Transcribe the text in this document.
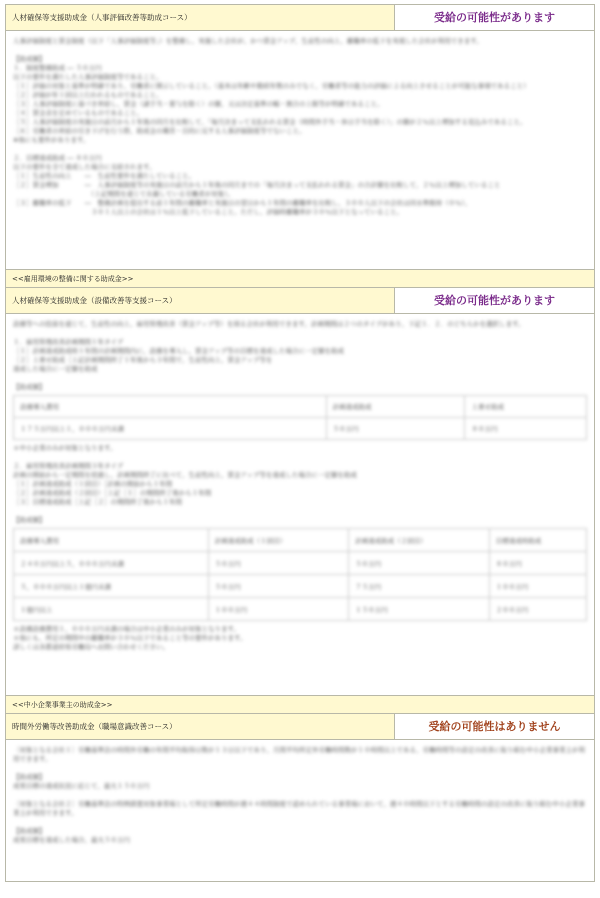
人材確保等支援助成金（人事評価改善等助成コース）	受給の可能性があります

人事評価制度と賃金制度（以下「人事評価制度等」）を整備し、実施した会社が、かつ賃金アップ、生産性の向上、離職率の低下を実現した会社が利用できます。

【助成額】

１．制度整備助成 ― ５０万円

以下の要件を満たした人事評価制度等であること。

［１］評価の対象と基準が明確であり、労働者に開示していること。（基本は年齢や勤続年数のみでなく、労働者等の能力の評価による向上させることが可能な事項であること）

［２］評価が年１回以上行われるものであること。

［３］人事評価制度に基づき昇給し、賃金（諸手当・賞与を除く）の額、又は決定基準の幅・割合の上限等が明確であること。

［４］賃金表を定めているものであること。

［５］人事評価制度の実施日の前月から１年後の同月を比較して、「毎月決まって支払われる賃金（時間外手当・休日手当を除く）」の額が２％以上増加する見込みであること。

［６］労働者の昇給の引き下げを行う際、助成金の趣旨・目的に反する人事評価制度等でないこと。

※他にも要件があります。

２．目標達成助成 ― ８０万円

以下の要件を全て達成した場合に支給されます。

［１］生産性の向上　　―　生産性要件を満たしていること。

［２］賃金増加　　　　―　人事評価制度等の実施日の前月から１年後の同月までの「毎月決まって支払われる賃金」の合計額を比較して、２％以上増加していること

　　　　　　　　　　　　（上記期間を通じて在籍している労働者が対象）。

［３］離職率の低下　　―　整備計画を提出する前１年間の離職率と実施日の翌日から１年間の離職率を比較し、３００人以下の会社は同水準維持（０％）、

　　　　　　　　　　　　３０１人以上の会社は１％以上低下していること。ただし、評価時離職率が３０％以下となっていること。

<<雇用環境の整備に関する助成金>>
人材確保等支援助成金（設備改善等支援コース）	受給の可能性があります

設備等への投資を通じて、生産性の向上、雇用管理改善（賃金アップ等）を図る会社が利用できます。計画期間は２つのタイプがあり、下記１．２．のどちらかを選択します。

１．雇用管理改善計画期間１年タイプ

［１］計画達成助成時１年間の計画期間内に、設備を導入し、賃金アップ等の目標を達成した場合に一定額を助成

［２］上乗せ助成［上記計画期間終了１年後から３年間で、生産性向上、賃金アップ等を

達成した場合に一定額を助成

【助成額】

設備導入費用	計画達成助成	上乗せ助成
１７５万円以上１，０００万円未満	５０万円	８０万円

＊中小企業のみが対象となります。

２．雇用管理改善計画期間３年タイプ

計画の開始から一定期間を経過し、計画期間終了に比べて、生産性向上、賃金アップ等を達成した場合に一定額を助成

［１］計画達成助成（１回目）［計画の開始から１年間

［２］計画達成助成（２回目）［上記［１］の期間終了後から１年間

［３］目標達成助成［上記［２］の期間終了後から１年間

【助成額】

設備導入費用	計画達成助成（１回目）	計画達成助成（２回目）	目標達成時助成
２４０万円以上５，０００万円未満	５０万円	５０万円	８０万円
５，０００万円以上１億円未満	５０万円	７５万円	１００万円
１億円以上	１００万円	１５０万円	２００万円

＊設備設備費用１，０００万円未満の場合は中小企業のみが対象となります。

＊他にも、所定の期間中の離職率が３０％以下であること等の要件があります。

詳しくは各都道府県労働局へお問い合わせください。

<<中小企業事業主の助成金>>
時間外労働等改善助成金（職場意識改善コース）	受給の可能性はありません

〔対象となる会社１〕労働基準法の時間外労働の年間平均取得日数が１３日以下であり、月間平均所定外労働時間数が１０時間以上である、労働時間等の設定の改善に取り組む中小企業事業主が利用できます。

【助成額】

成果目標の達成状況に応じて、最大１５０万円

〔対象となる会社２〕労働基準法の特例措置対象事業場として所定労働時間が週４４時間制度で認められている事業場において、週４０時間以下とする労働時間の設定の改善に取り組む中小企業事業主が利用できます。

【助成額】

成果目標を達成した場合、最大５０万円
